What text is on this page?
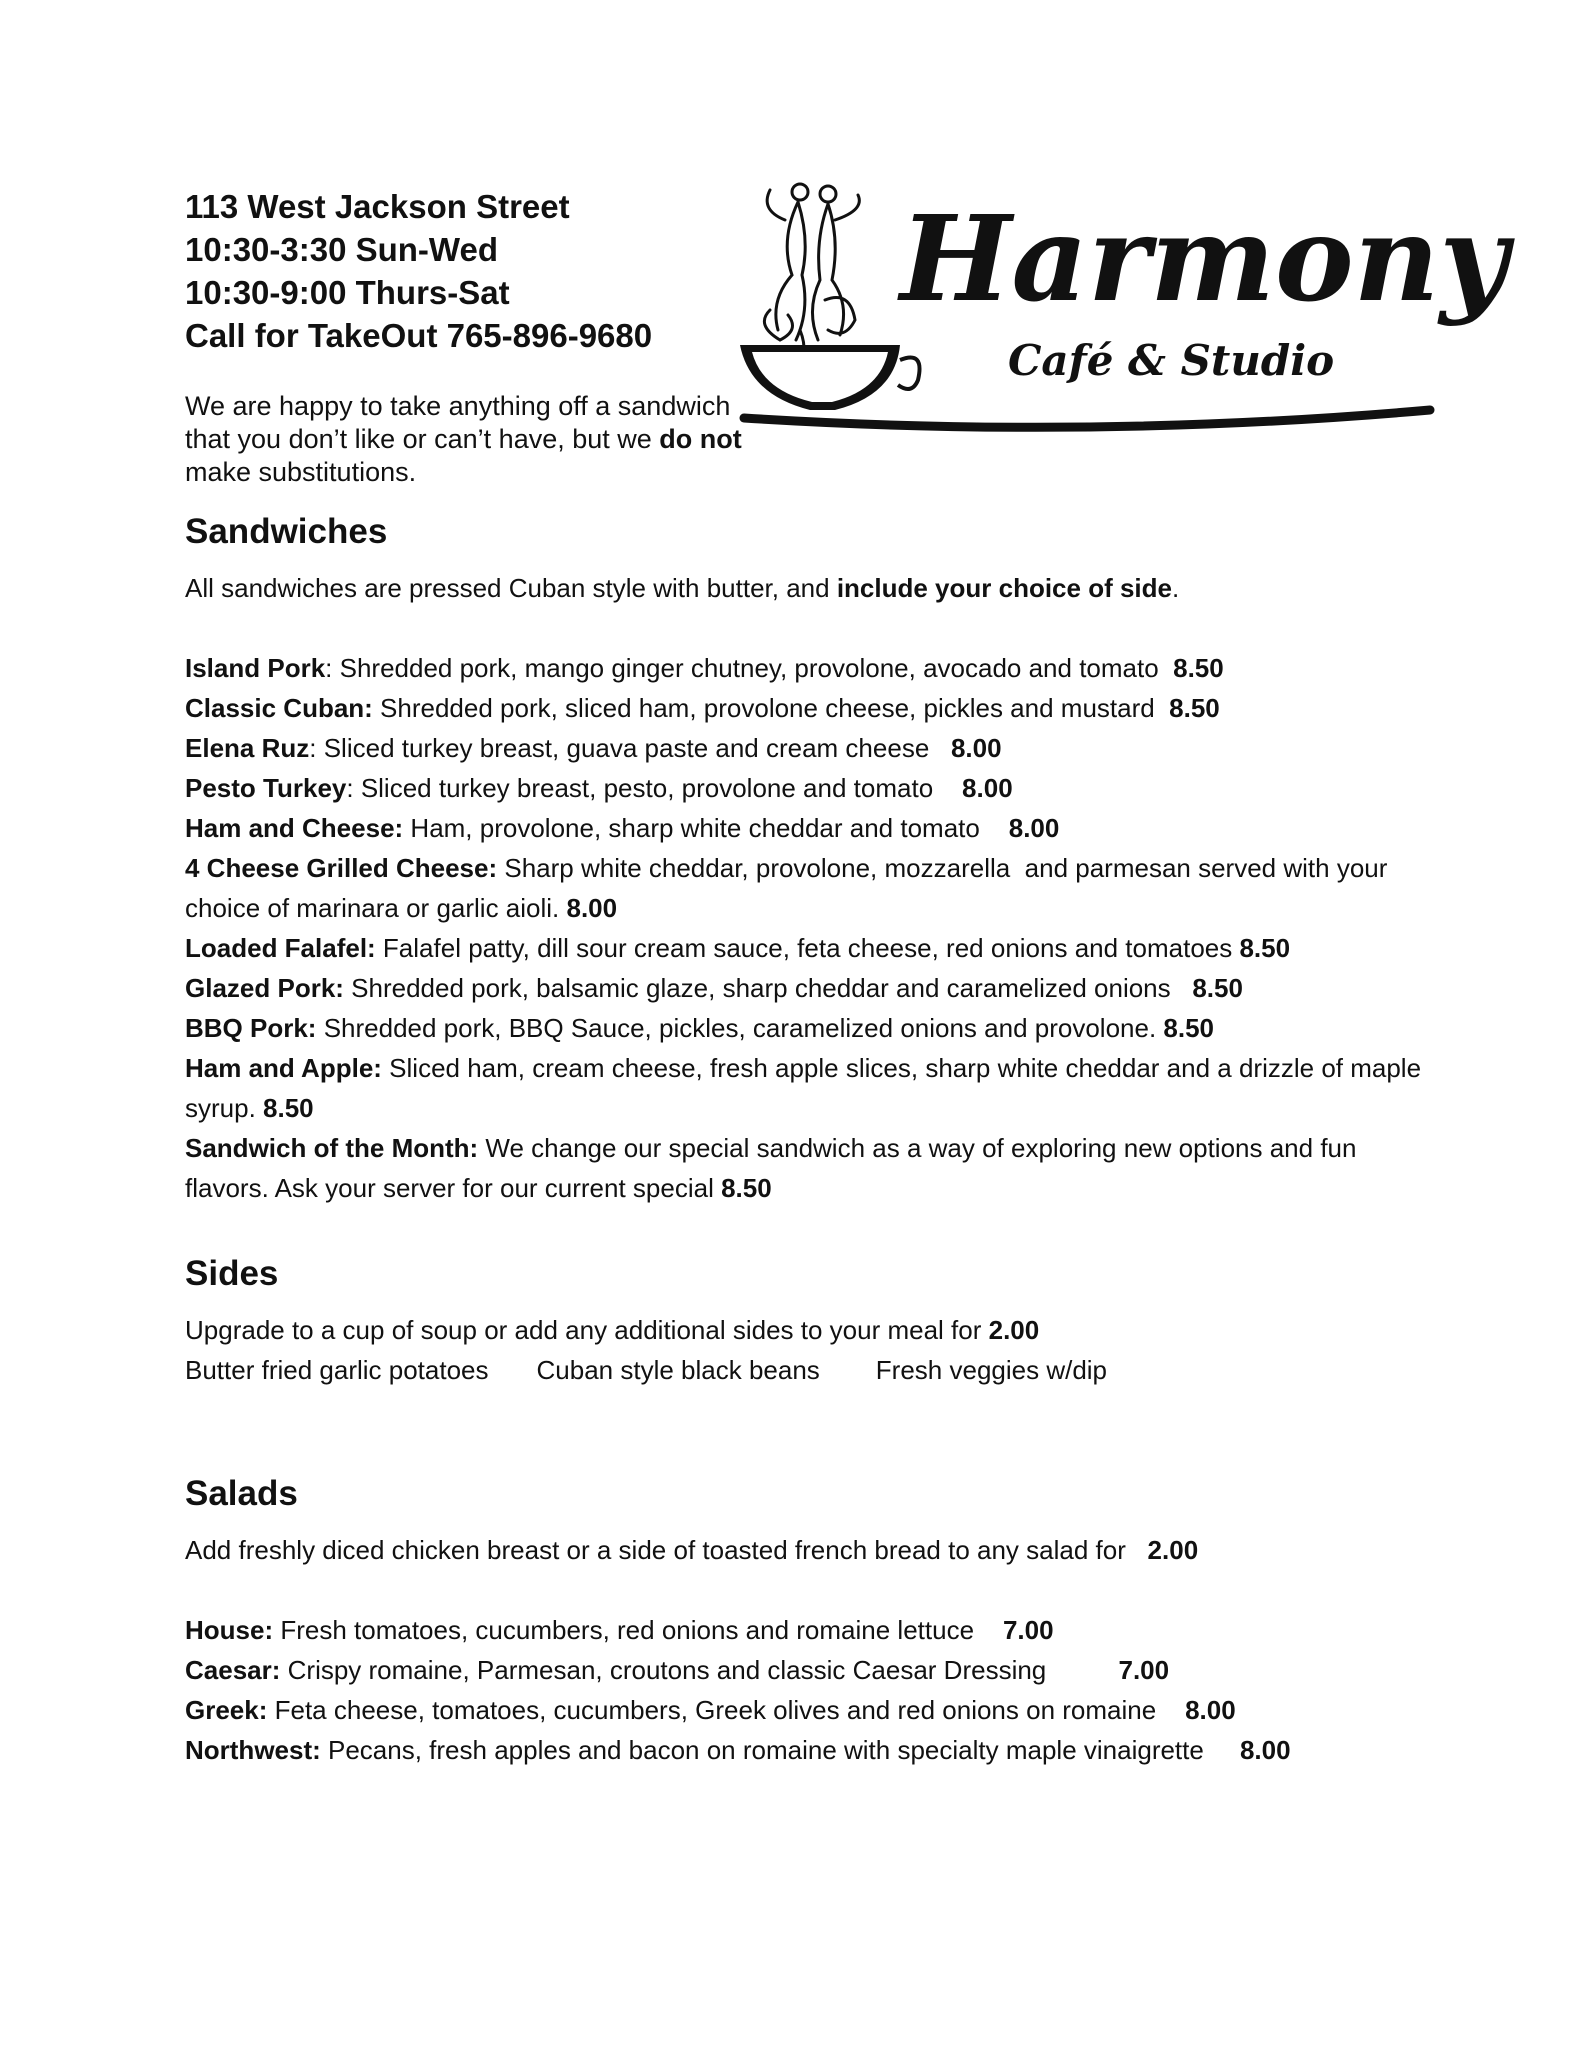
113 West Jackson Street
10:30-3:30 Sun-Wed
10:30-9:00 Thurs-Sat
Call for TakeOut 765-896-9680
We are happy to take anything off a sandwich that you don’t like or can’t have, but we do not make substitutions.
Harmony
Café & Studio
Sandwiches
All sandwiches are pressed Cuban style with butter, and include your choice of side.
Island Pork: Shredded pork, mango ginger chutney, provolone, avocado and tomato  8.50
Classic Cuban: Shredded pork, sliced ham, provolone cheese, pickles and mustard  8.50
Elena Ruz: Sliced turkey breast, guava paste and cream cheese   8.00
Pesto Turkey: Sliced turkey breast, pesto, provolone and tomato    8.00
Ham and Cheese: Ham, provolone, sharp white cheddar and tomato    8.00
4 Cheese Grilled Cheese: Sharp white cheddar, provolone, mozzarella  and parmesan served with your choice of marinara or garlic aioli. 8.00
Loaded Falafel: Falafel patty, dill sour cream sauce, feta cheese, red onions and tomatoes 8.50
Glazed Pork: Shredded pork, balsamic glaze, sharp cheddar and caramelized onions   8.50
BBQ Pork: Shredded pork, BBQ Sauce, pickles, caramelized onions and provolone. 8.50
Ham and Apple: Sliced ham, cream cheese, fresh apple slices, sharp white cheddar and a drizzle of maple syrup. 8.50
Sandwich of the Month: We change our special sandwich as a way of exploring new options and fun flavors. Ask your server for our current special 8.50
Sides
Upgrade to a cup of soup or add any additional sides to your meal for 2.00
Butter fried garlic potatoes Cuban style black beans Fresh veggies w/dip
Salads
Add freshly diced chicken breast or a side of toasted french bread to any salad for   2.00
House: Fresh tomatoes, cucumbers, red onions and romaine lettuce    7.00
Caesar: Crispy romaine, Parmesan, croutons and classic Caesar Dressing          7.00
Greek: Feta cheese, tomatoes, cucumbers, Greek olives and red onions on romaine    8.00
Northwest: Pecans, fresh apples and bacon on romaine with specialty maple vinaigrette     8.00
